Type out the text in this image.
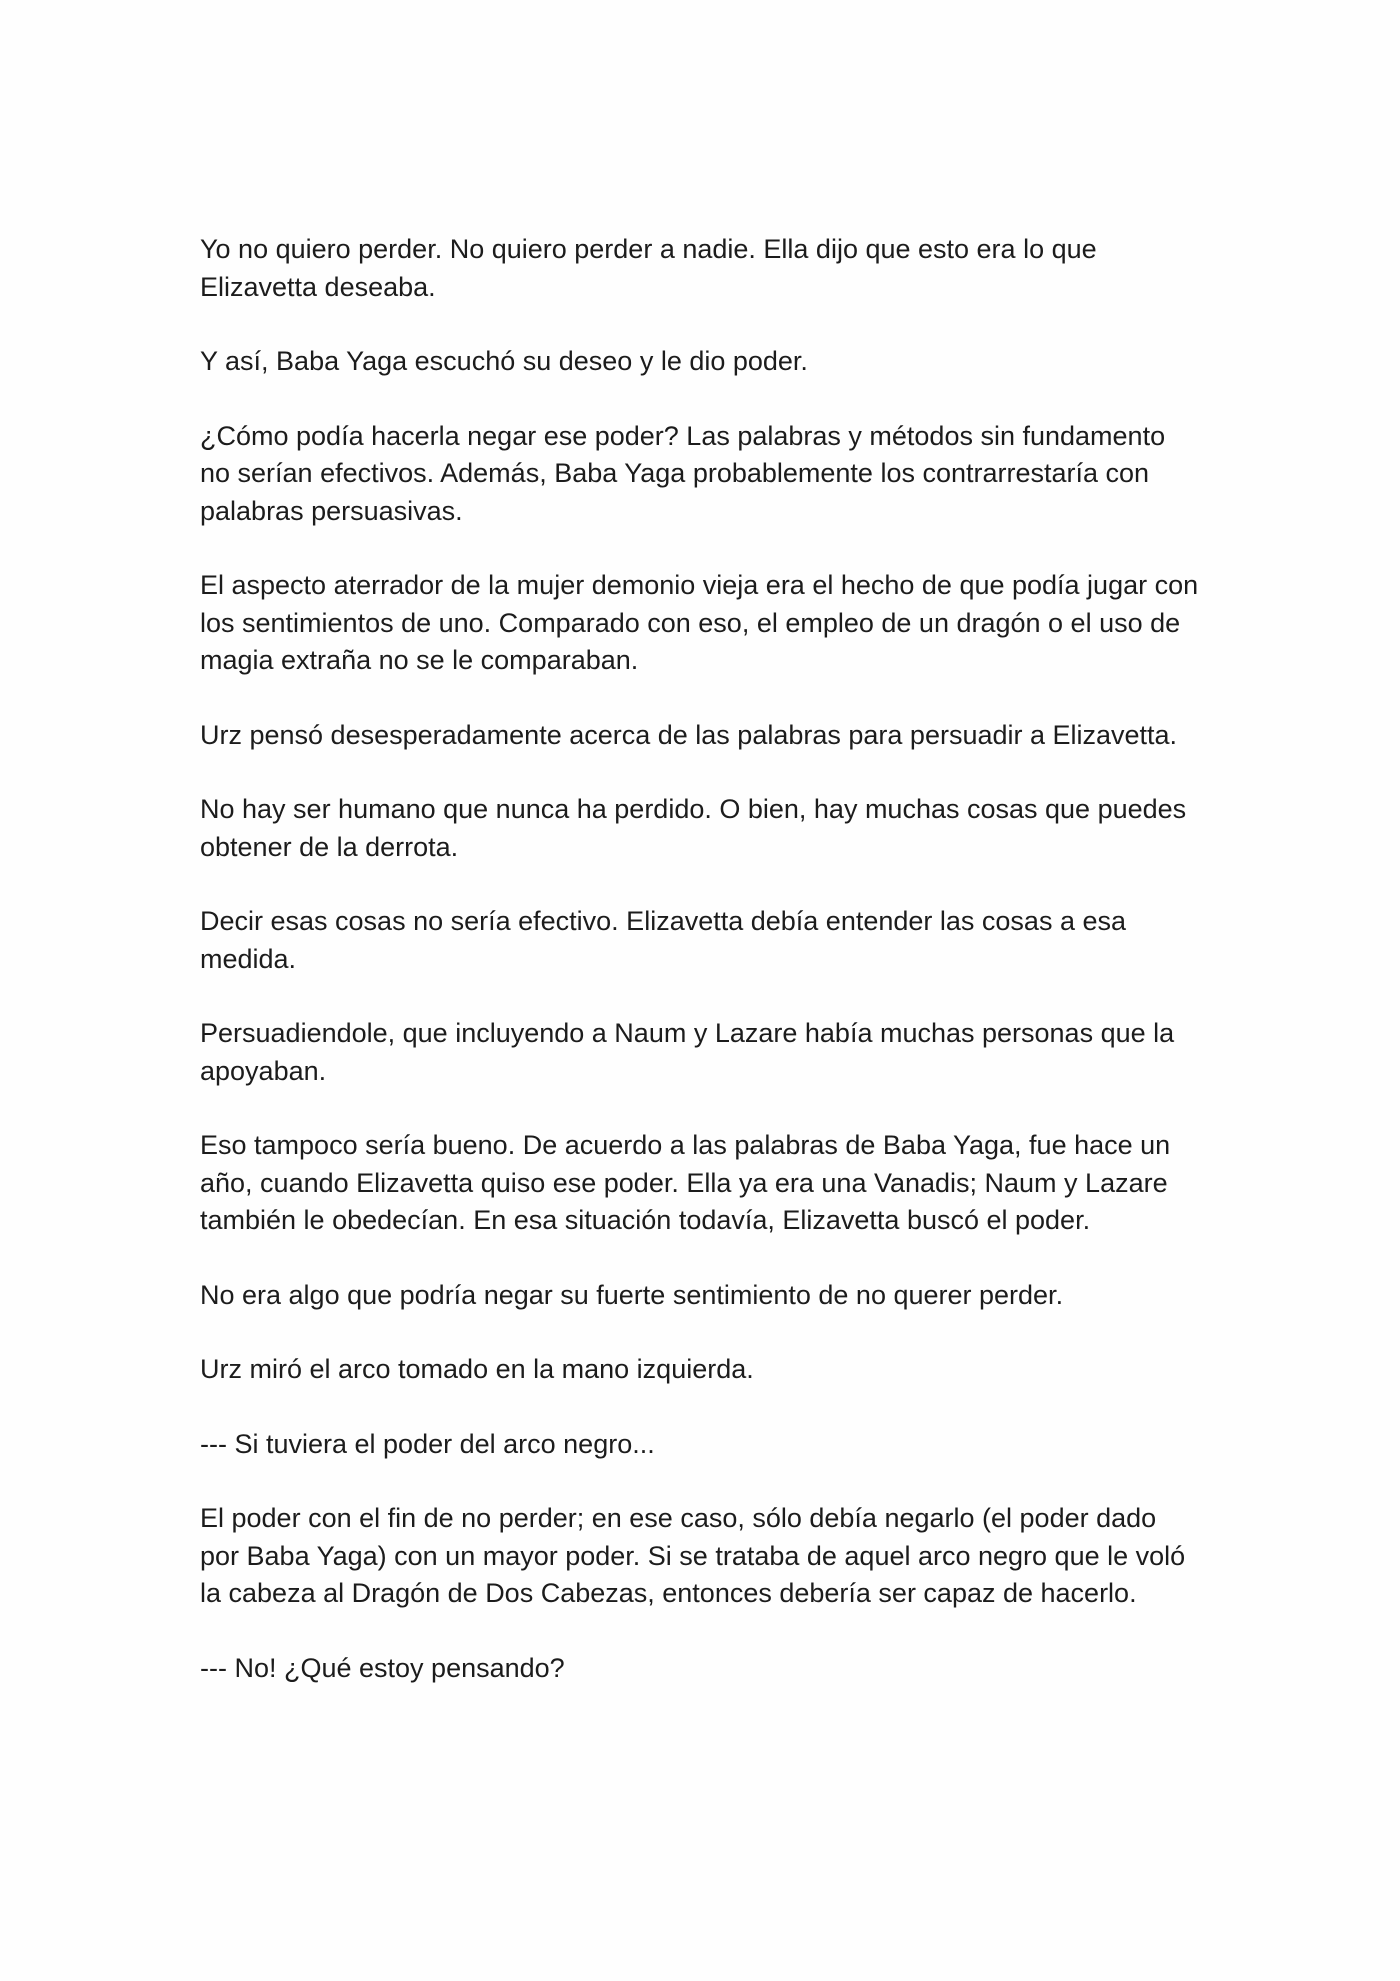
Yo no quiero perder. No quiero perder a nadie. Ella dijo que esto era lo que Elizavetta deseaba.

Y así, Baba Yaga escuchó su deseo y le dio poder.

¿Cómo podía hacerla negar ese poder? Las palabras y métodos sin fundamento no serían efectivos. Además, Baba Yaga probablemente los contrarrestaría con palabras persuasivas.

El aspecto aterrador de la mujer demonio vieja era el hecho de que podía jugar con los sentimientos de uno. Comparado con eso, el empleo de un dragón o el uso de magia extraña no se le comparaban.

Urz pensó desesperadamente acerca de las palabras para persuadir a Elizavetta.

No hay ser humano que nunca ha perdido. O bien, hay muchas cosas que puedes obtener de la derrota.

Decir esas cosas no sería efectivo. Elizavetta debía entender las cosas a esa medida.

Persuadiendole, que incluyendo a Naum y Lazare había muchas personas que la apoyaban.

Eso tampoco sería bueno. De acuerdo a las palabras de Baba Yaga, fue hace un año, cuando Elizavetta quiso ese poder. Ella ya era una Vanadis; Naum y Lazare también le obedecían. En esa situación todavía, Elizavetta buscó el poder.

No era algo que podría negar su fuerte sentimiento de no querer perder.

Urz miró el arco tomado en la mano izquierda.

--- Si tuviera el poder del arco negro...

El poder con el fin de no perder; en ese caso, sólo debía negarlo (el poder dado por Baba Yaga) con un mayor poder. Si se trataba de aquel arco negro que le voló la cabeza al Dragón de Dos Cabezas, entonces debería ser capaz de hacerlo.

--- No! ¿Qué estoy pensando?
